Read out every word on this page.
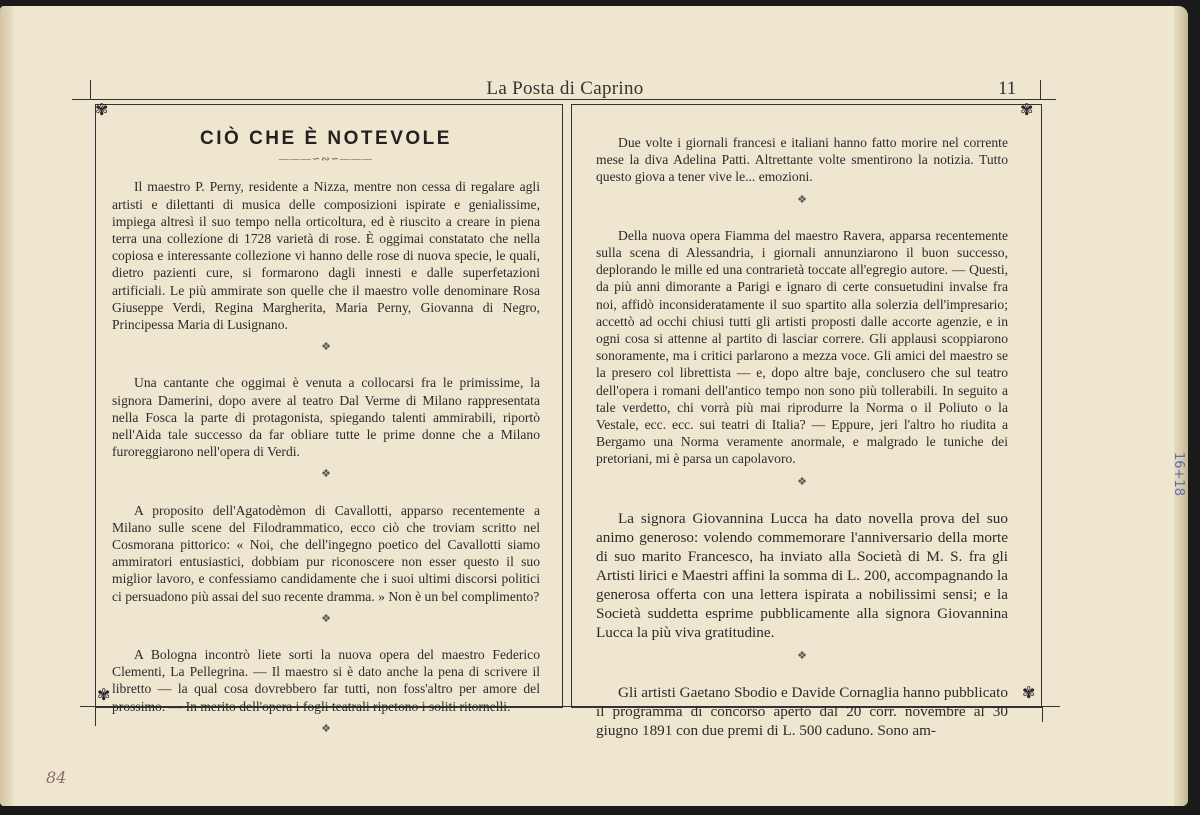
La Posta di Caprino	11
✾	✾
✾	✾
CIÒ CHE È NOTEVOLE
———∽∾∽———

Il maestro P. Perny, residente a Nizza, mentre non cessa di regalare agli artisti e dilettanti di musica delle composizioni ispirate e genialissime, impiega altresì il suo tempo nella orticoltura, ed è riuscito a creare in piena terra una collezione di 1728 varietà di rose. È oggimai constatato che nella copiosa e interessante collezione vi hanno delle rose di nuova specie, le quali, dietro pazienti cure, si formarono dagli innesti e dalle superfetazioni artificiali. Le più ammirate son quelle che il maestro volle denominare Rosa Giuseppe Verdi, Regina Margherita, Maria Perny, Giovanna di Negro, Principessa Maria di Lusignano.

❖

Una cantante che oggimai è venuta a collocarsi fra le primissime, la signora Damerini, dopo avere al teatro Dal Verme di Milano rappresentata nella Fosca la parte di protagonista, spiegando talenti ammirabili, riportò nell'Aida tale successo da far obliare tutte le prime donne che a Milano furoreggiarono nell'opera di Verdi.

❖

A proposito dell'Agatodèmon di Cavallotti, apparso recentemente a Milano sulle scene del Filodrammatico, ecco ciò che troviam scritto nel Cosmorana pittorico: « Noi, che dell'ingegno poetico del Cavallotti siamo ammiratori entusiastici, dobbiam pur riconoscere non esser questo il suo miglior lavoro, e confessiamo candidamente che i suoi ultimi discorsi politici ci persuadono più assai del suo recente dramma. » Non è un bel complimento?

❖

A Bologna incontrò liete sorti la nuova opera del maestro Federico Clementi, La Pellegrina. — Il maestro si è dato anche la pena di scrivere il libretto — la qual cosa dovrebbero far tutti, non foss'altro per amore del prossimo. — In merito dell'opera i fogli teatrali ripetono i soliti ritornelli.

❖

Due volte i giornali francesi e italiani hanno fatto morire nel corrente mese la diva Adelina Patti. Altrettante volte smentirono la notizia. Tutto questo giova a tener vive le... emozioni.

❖

Della nuova opera Fiamma del maestro Ravera, apparsa recentemente sulla scena di Alessandria, i giornali annunziarono il buon successo, deplorando le mille ed una contrarietà toccate all'egregio autore. — Questi, da più anni dimorante a Parigi e ignaro di certe consuetudini invalse fra noi, affidò inconsideratamente il suo spartito alla solerzia dell'impresario; accettò ad occhi chiusi tutti gli artisti proposti dalle accorte agenzie, e in ogni cosa si attenne al partito di lasciar correre. Gli applausi scoppiarono sonoramente, ma i critici parlarono a mezza voce. Gli amici del maestro se la presero col librettista — e, dopo altre baje, conclusero che sul teatro dell'opera i romani dell'antico tempo non sono più tollerabili. In seguito a tale verdetto, chi vorrà più mai riprodurre la Norma o il Poliuto o la Vestale, ecc. ecc. sui teatri di Italia? — Eppure, jeri l'altro ho riudita a Bergamo una Norma veramente anormale, e malgrado le tuniche dei pretoriani, mi è parsa un capolavoro.

❖

La signora Giovannina Lucca ha dato novella prova del suo animo generoso: volendo commemorare l'anniversario della morte di suo marito Francesco, ha inviato alla Società di M. S. fra gli Artisti lirici e Maestri affini la somma di L. 200, accompagnando la generosa offerta con una lettera ispirata a nobilissimi sensi; e la Società suddetta esprime pubblicamente alla signora Giovannina Lucca la più viva gratitudine.

❖

Gli artisti Gaetano Sbodio e Davide Cornaglia hanno pubblicato il programma di concorso aperto dal 20 corr. novembre al 30 giugno 1891 con due premi di L. 500 caduno. Sono am-

84
16+18
